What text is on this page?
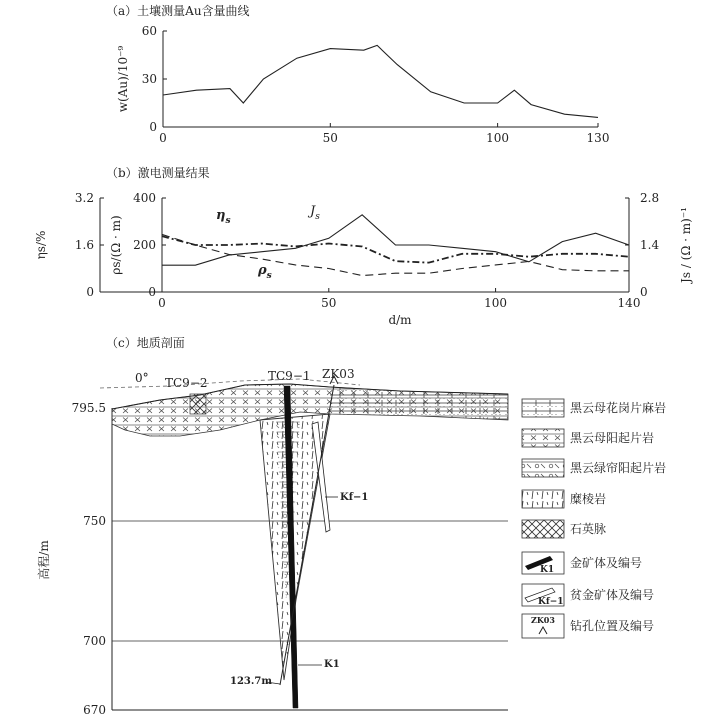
（a）土壤测量Au含量曲线
（b）激电测量结果
（c）地质剖面
0	50	100	130
0
30
60
w(Au)/10⁻⁹
0	50	100	140
0
1.6
3.2
0
200
400
0
1.4
2.8
$J_s$
$\eta_s$
$\rho_s$
ηs/%	ρs/(Ω · m)	Js / (Ω · m)⁻¹
d/m
795.5
750
700
670
高程/m
0° TC9−2	TC9−1 ZK03
Kf−1
K1
123.7m
黑云母花岗片麻岩
黑云母阳起片岩
黑云绿帘阳起片岩
糜棱岩
石英脉
K1 金矿体及编号
Kf−1 贫金矿体及编号
ZK03 钻孔位置及编号
